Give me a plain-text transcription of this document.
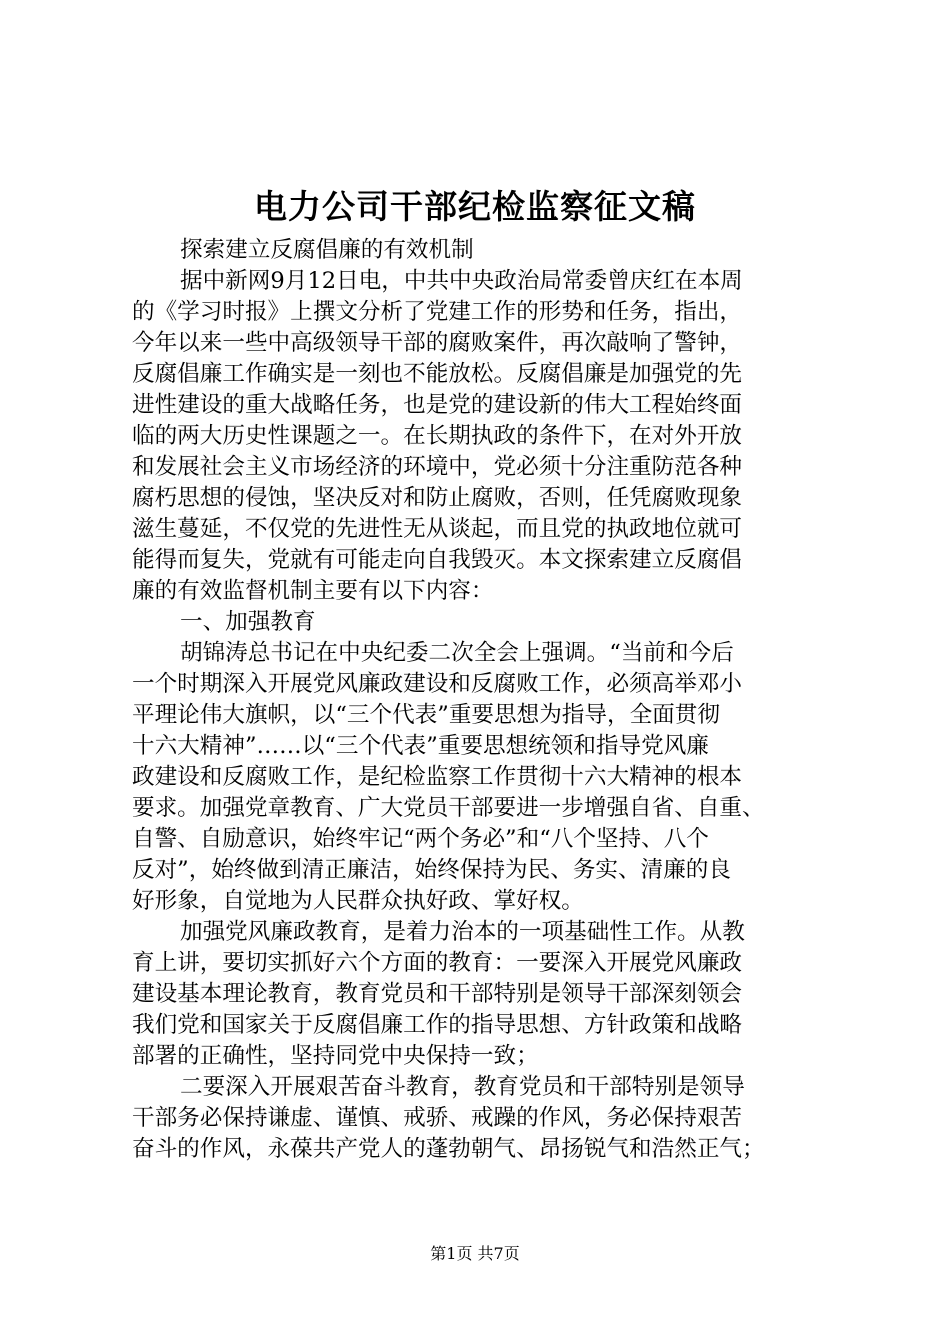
电力公司干部纪检监察征文稿
探索建立反腐倡廉的有效机制
据中新网9月12日电，中共中央政治局常委曾庆红在本周
的《学习时报》上撰文分析了党建工作的形势和任务，指出，
今年以来一些中高级领导干部的腐败案件，再次敲响了警钟，
反腐倡廉工作确实是一刻也不能放松。反腐倡廉是加强党的先
进性建设的重大战略任务，也是党的建设新的伟大工程始终面
临的两大历史性课题之一。在长期执政的条件下，在对外开放
和发展社会主义市场经济的环境中，党必须十分注重防范各种
腐朽思想的侵蚀，坚决反对和防止腐败，否则，任凭腐败现象
滋生蔓延，不仅党的先进性无从谈起，而且党的执政地位就可
能得而复失，党就有可能走向自我毁灭。本文探索建立反腐倡
廉的有效监督机制主要有以下内容：
一、加强教育
胡锦涛总书记在中央纪委二次全会上强调。“当前和今后
一个时期深入开展党风廉政建设和反腐败工作，必须高举邓小
平理论伟大旗帜，以“三个代表”重要思想为指导，全面贯彻
十六大精神”……以“三个代表”重要思想统领和指导党风廉
政建设和反腐败工作，是纪检监察工作贯彻十六大精神的根本
要求。加强党章教育、广大党员干部要进一步增强自省、自重、
自警、自励意识，始终牢记“两个务必”和“八个坚持、八个
反对”，始终做到清正廉洁，始终保持为民、务实、清廉的良
好形象，自觉地为人民群众执好政、掌好权。
加强党风廉政教育，是着力治本的一项基础性工作。从教
育上讲，要切实抓好六个方面的教育：一要深入开展党风廉政
建设基本理论教育，教育党员和干部特别是领导干部深刻领会
我们党和国家关于反腐倡廉工作的指导思想、方针政策和战略
部署的正确性，坚持同党中央保持一致；
二要深入开展艰苦奋斗教育，教育党员和干部特别是领导
干部务必保持谦虚、谨慎、戒骄、戒躁的作风，务必保持艰苦
奋斗的作风，永葆共产党人的蓬勃朝气、昂扬锐气和浩然正气；
第1页 共7页
